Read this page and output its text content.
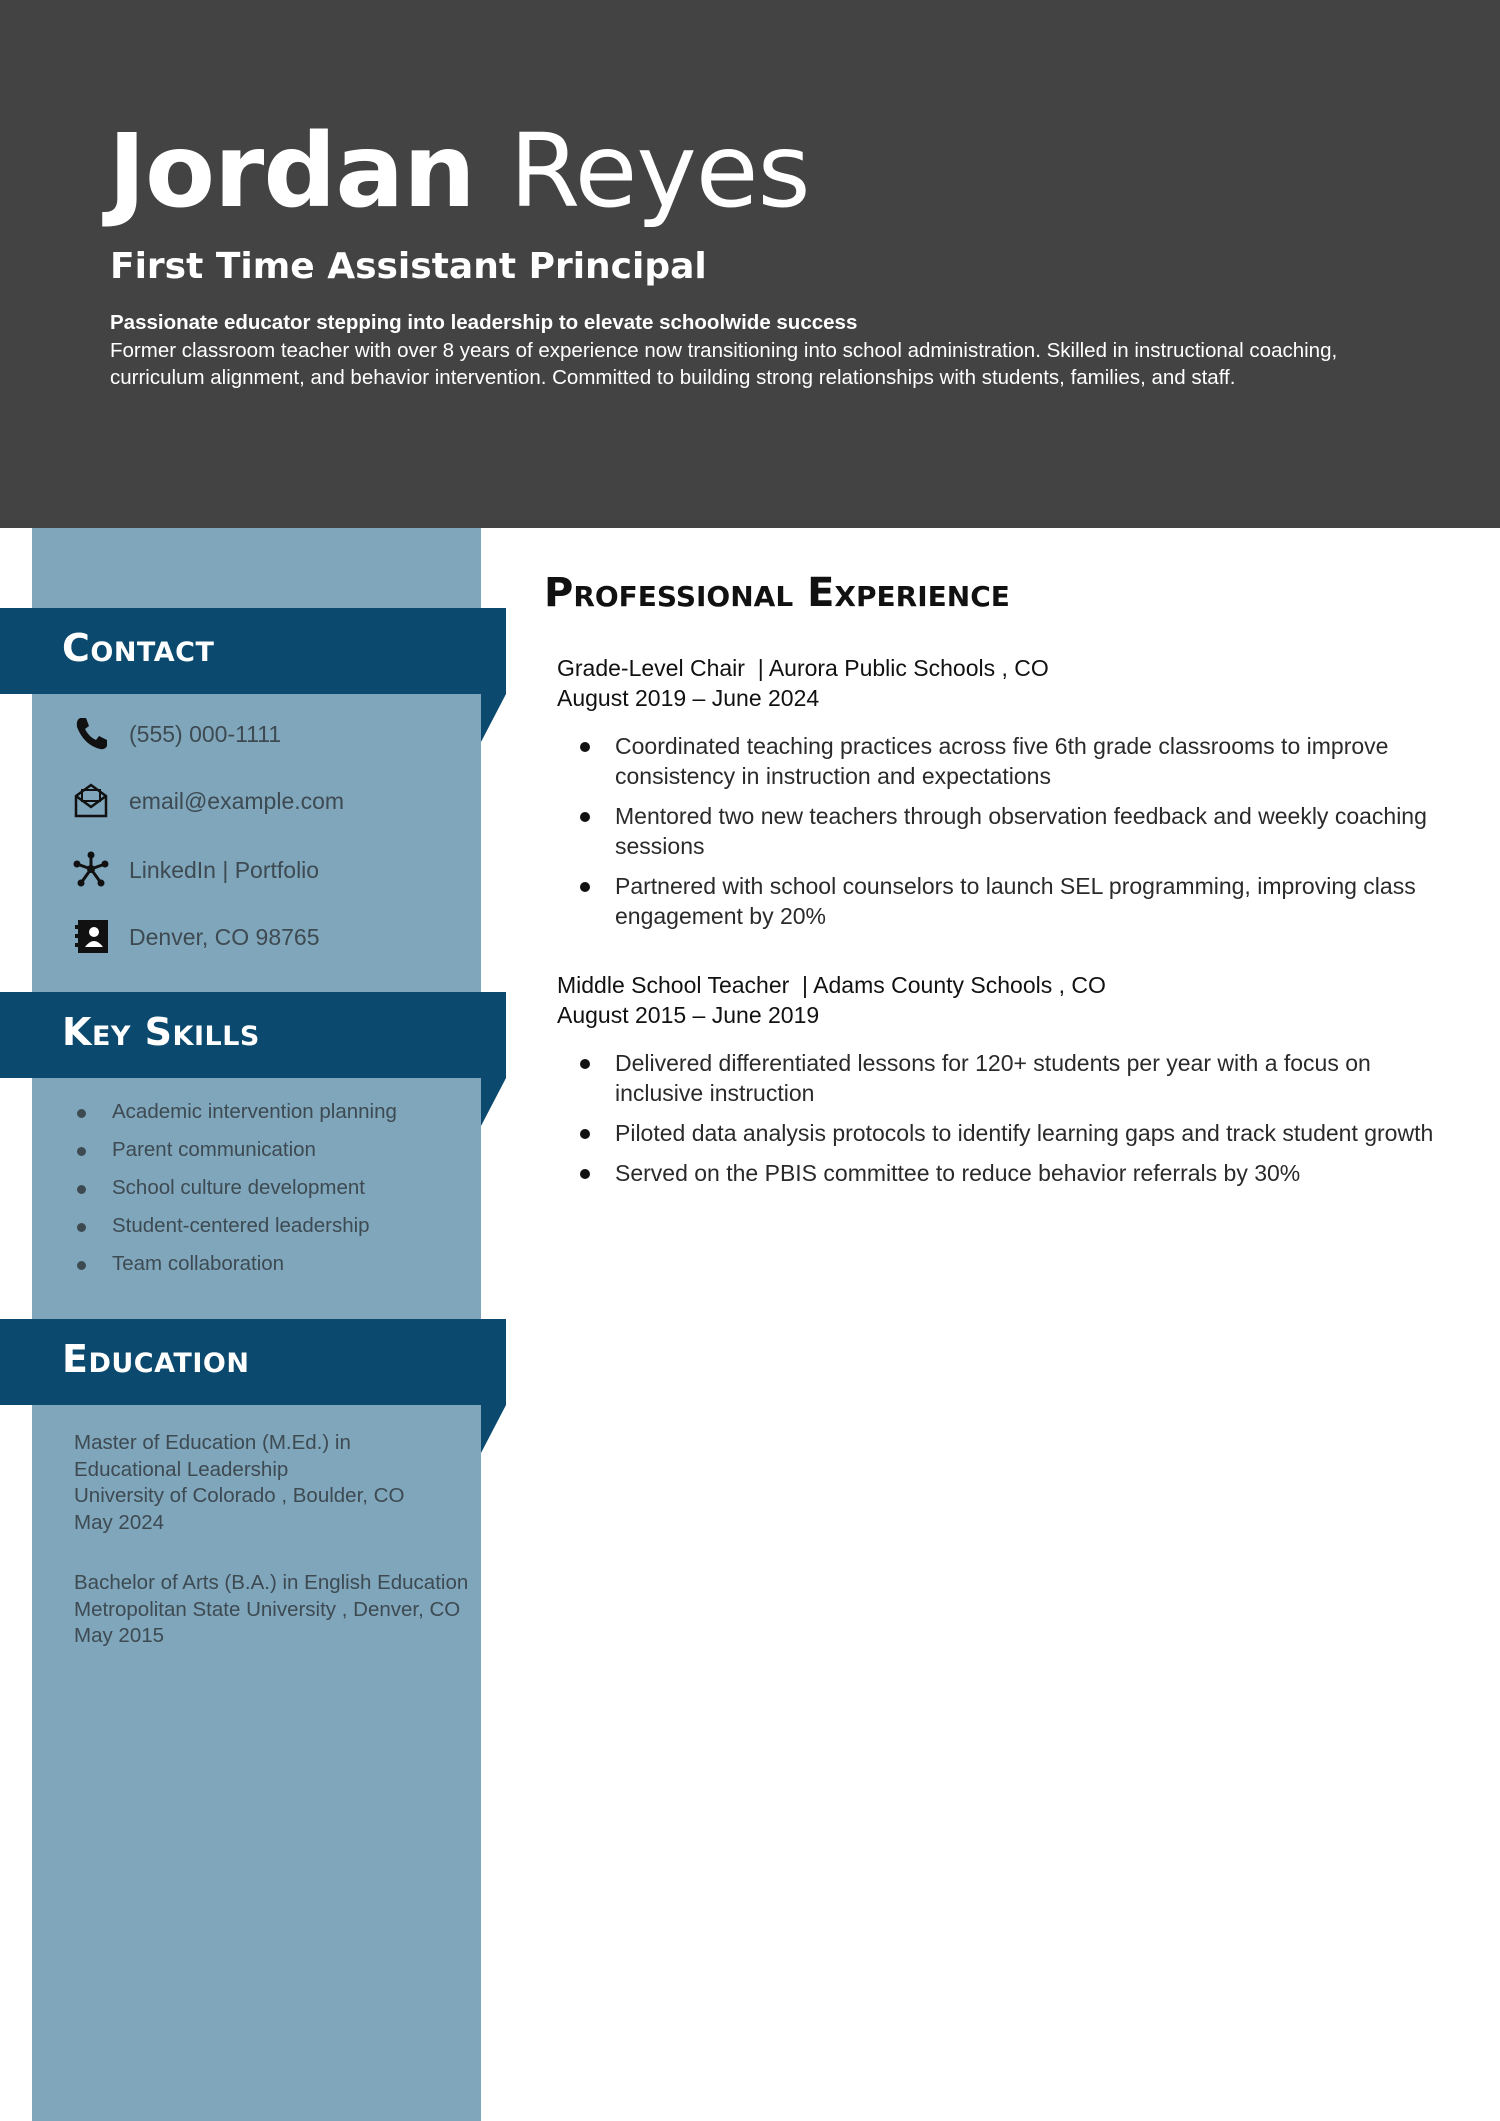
Jordan Reyes
First Time Assistant Principal
Passionate educator stepping into leadership to elevate schoolwide success
Former classroom teacher with over 8 years of experience now transitioning into school administration. Skilled in instructional coaching, curriculum alignment, and behavior intervention. Committed to building strong relationships with students, families, and staff.
Contact
(555) 000-1111
email@example.com
LinkedIn | Portfolio
Denver, CO 98765
Key Skills
Academic intervention planning
Parent communication
School culture development
Student-centered leadership
Team collaboration
Education
Master of Education (M.Ed.) in Educational Leadership
University of Colorado , Boulder, CO
May 2024
Bachelor of Arts (B.A.) in English Education
Metropolitan State University , Denver, CO
May 2015
Professional Experience
Grade-Level Chair  | Aurora Public Schools , CO
August 2019 – June 2024
Coordinated teaching practices across five 6th grade classrooms to improve consistency in instruction and expectations
Mentored two new teachers through observation feedback and weekly coaching sessions
Partnered with school counselors to launch SEL programming, improving class engagement by 20%
Middle School Teacher  | Adams County Schools , CO
August 2015 – June 2019
Delivered differentiated lessons for 120+ students per year with a focus on inclusive instruction
Piloted data analysis protocols to identify learning gaps and track student growth
Served on the PBIS committee to reduce behavior referrals by 30%
